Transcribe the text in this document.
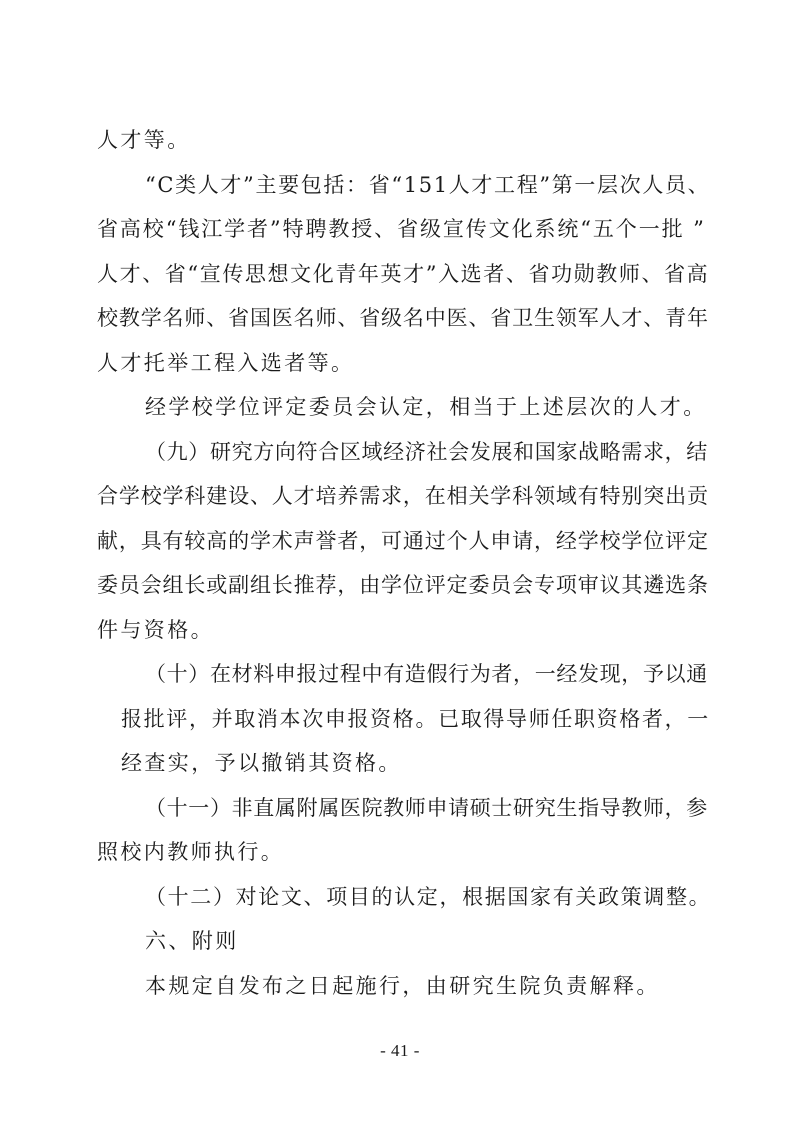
人才等。
“C类人才”主要包括：省“151人才工程”第一层次人员、
省高校“钱江学者”特聘教授、省级宣传文化系统“五个一批 ”
人才、省“宣传思想文化青年英才”入选者、省功勋教师、省高
校教学名师、省国医名师、省级名中医、省卫生领军人才、青年
人才托举工程入选者等。
经学校学位评定委员会认定，相当于上述层次的人才。
（九）研究方向符合区域经济社会发展和国家战略需求，结
合学校学科建设、人才培养需求，在相关学科领域有特别突出贡
献，具有较高的学术声誉者，可通过个人申请，经学校学位评定
委员会组长或副组长推荐，由学位评定委员会专项审议其遴选条
件与资格。
（十）在材料申报过程中有造假行为者，一经发现，予以通
报批评，并取消本次申报资格。已取得导师任职资格者，一
经查实，予以撤销其资格。
（十一）非直属附属医院教师申请硕士研究生指导教师，参
照校内教师执行。
（十二）对论文、项目的认定，根据国家有关政策调整。
六、附则
本规定自发布之日起施行，由研究生院负责解释。
- 41 -
